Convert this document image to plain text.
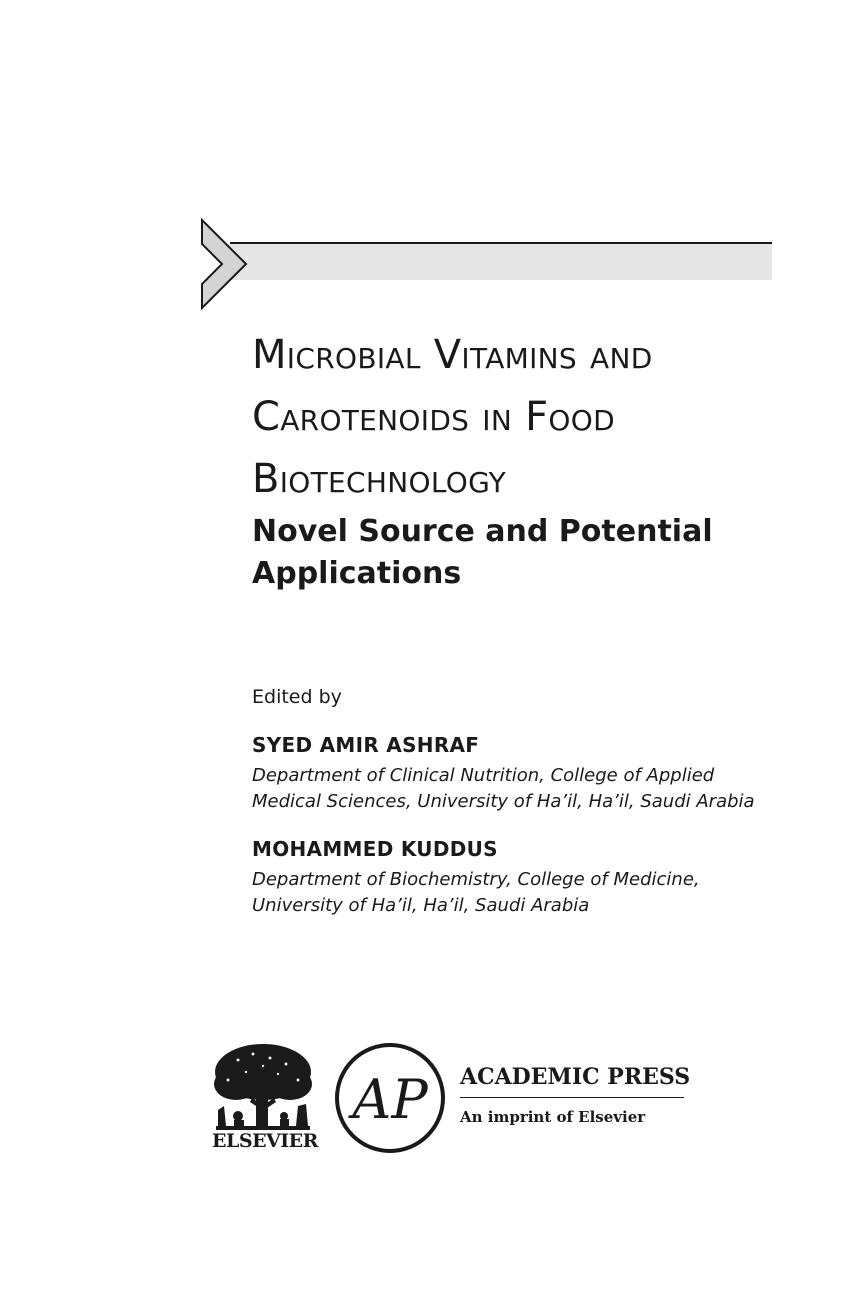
Microbial Vitamins and
Carotenoids in Food
Biotechnology
Novel Source and Potential
Applications
Edited by
SYED AMIR ASHRAF
Department of Clinical Nutrition, College of Applied
Medical Sciences, University of Ha’il, Ha’il, Saudi Arabia
MOHAMMED KUDDUS
Department of Biochemistry, College of Medicine,
University of Ha’il, Ha’il, Saudi Arabia
ELSEVIER
AP ACADEMIC PRESS
An imprint of Elsevier
